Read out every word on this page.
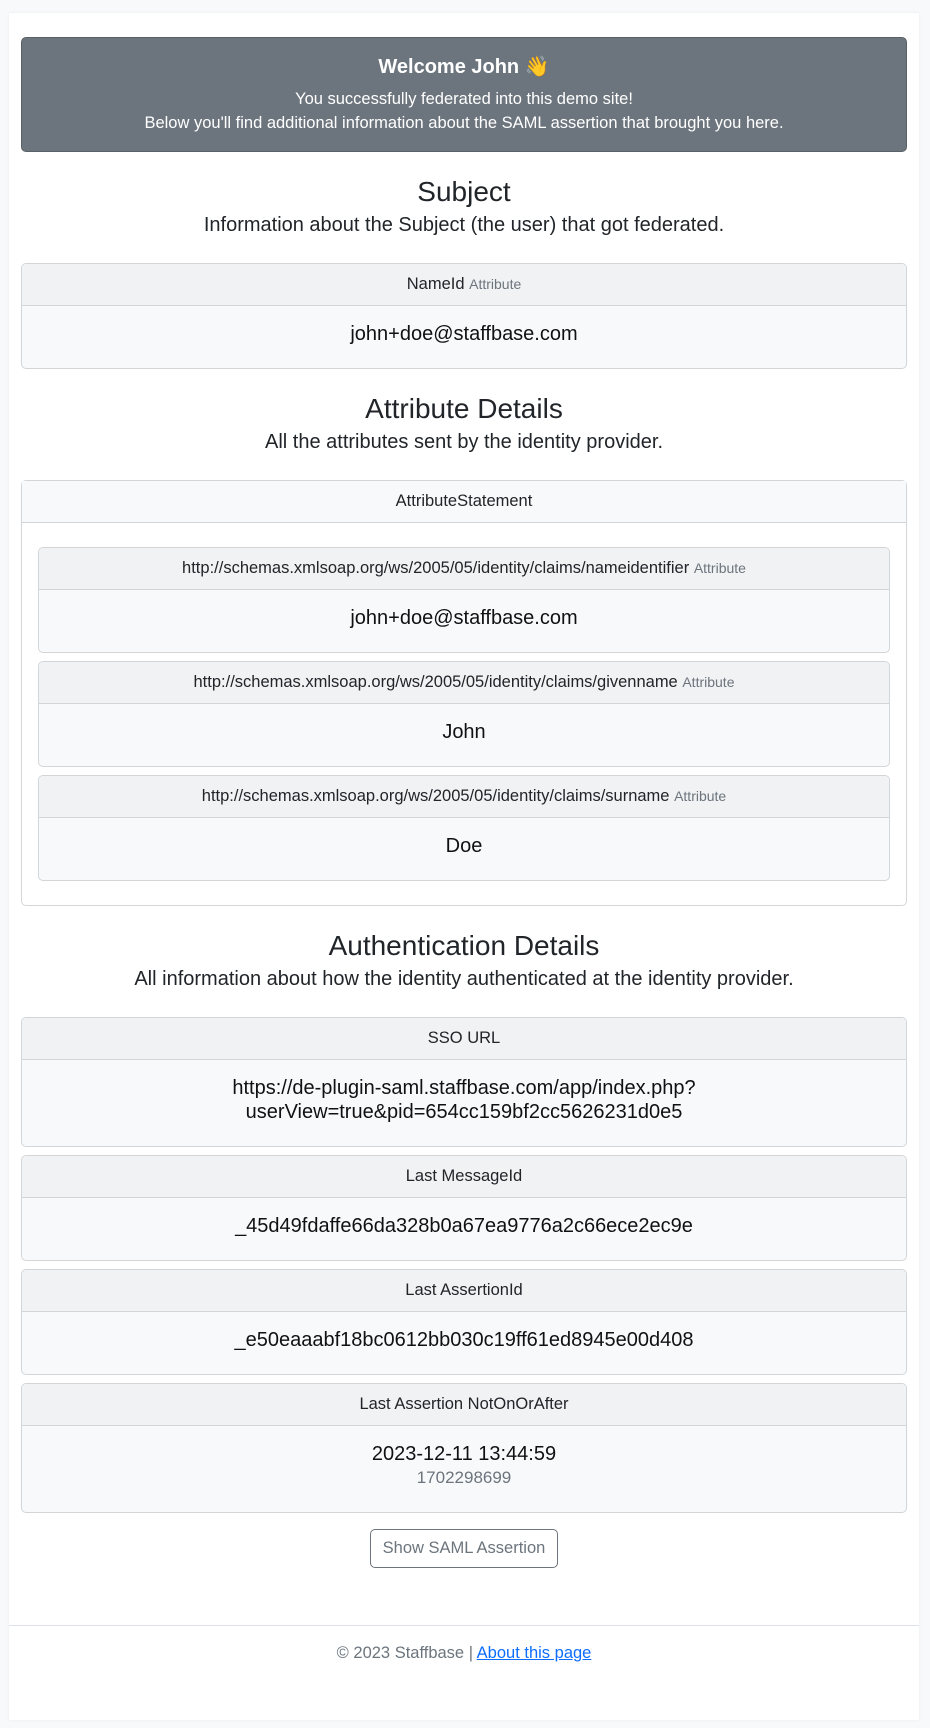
Welcome John 👋

You successfully federated into this demo site!

Below you'll find additional information about the SAML assertion that brought you here.

Subject

Information about the Subject (the user) that got federated.

NameId Attribute
john+doe@staffbase.com
Attribute Details

All the attributes sent by the identity provider.

AttributeStatement
http://schemas.xmlsoap.org/ws/2005/05/identity/claims/nameidentifier Attribute
john+doe@staffbase.com
http://schemas.xmlsoap.org/ws/2005/05/identity/claims/givenname Attribute
John
http://schemas.xmlsoap.org/ws/2005/05/identity/claims/surname Attribute
Doe
Authentication Details

All information about how the identity authenticated at the identity provider.

SSO URL
https://de-plugin-saml.staffbase.com/app/index.php?
userView=true&pid=654cc159bf2cc5626231d0e5
Last MessageId
_45d49fdaffe66da328b0a67ea9776a2c66ece2ec9e
Last AssertionId
_e50eaaabf18bc0612bb030c19ff61ed8945e00d408
Last Assertion NotOnOrAfter
2023-12-11 13:44:59
1702298699
Show SAML Assertion
© 2023 Staffbase | About this page
